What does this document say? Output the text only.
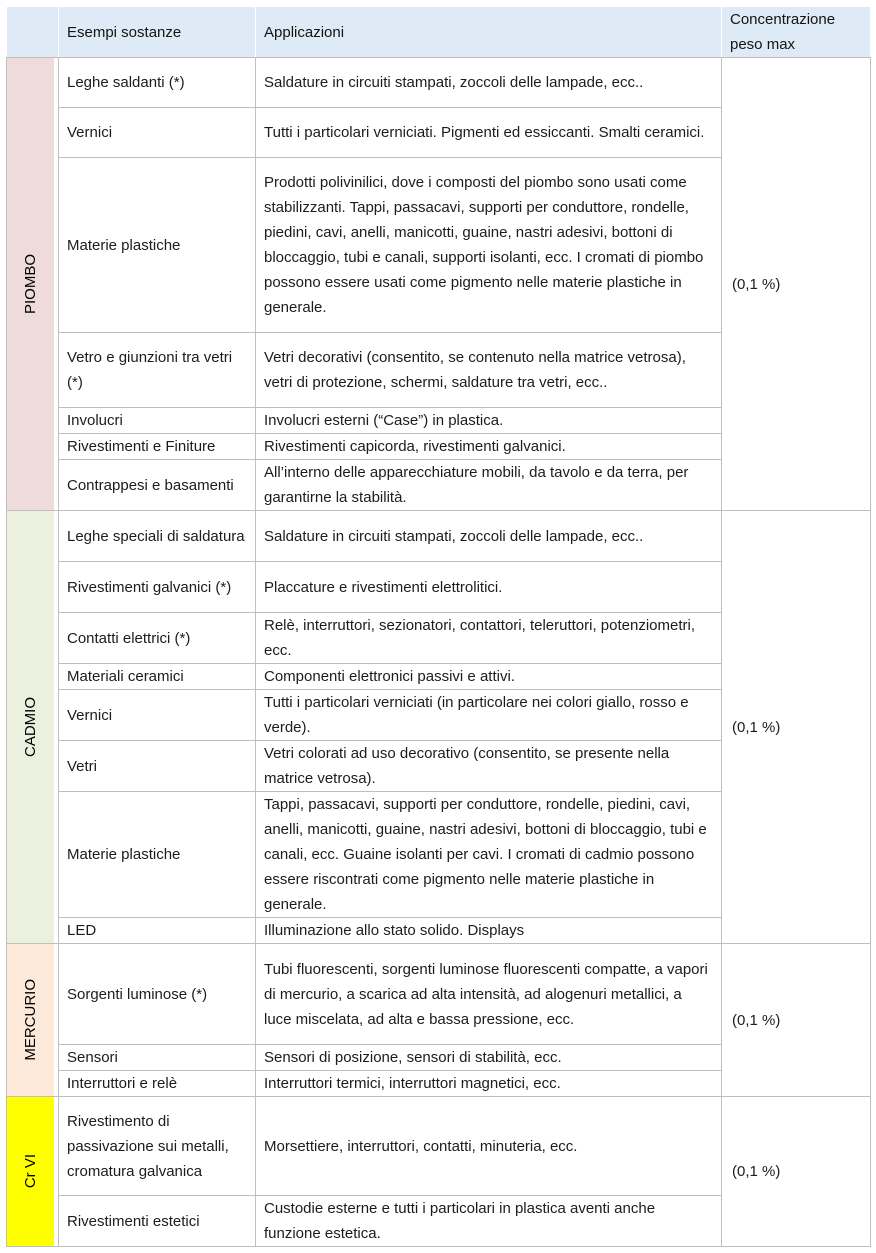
	Esempi sostanze	Applicazioni	Concentrazione peso max

PIOMBO	Leghe saldanti (*)	Saldature in circuiti stampati, zoccoli delle lampade, ecc..	(0,1 %)
	Vernici	Tutti i particolari verniciati. Pigmenti ed essiccanti. Smalti ceramici.	
	Materie plastiche	Prodotti polivinilici, dove i composti del piombo sono usati come stabilizzanti. Tappi, passacavi, supporti per conduttore, rondelle, piedini, cavi, anelli, manicotti, guaine, nastri adesivi, bottoni di bloccaggio, tubi e canali, supporti isolanti, ecc. I cromati di piombo possono essere usati come pigmento nelle materie plastiche in generale.	
	Vetro e giunzioni tra vetri (*)	Vetri decorativi (consentito, se contenuto nella matrice vetrosa), vetri di protezione, schermi, saldature tra vetri, ecc..	
	Involucri	Involucri esterni (“Case”) in plastica.	
	Rivestimenti e Finiture	Rivestimenti capicorda, rivestimenti galvanici.	
	Contrappesi e basamenti	All’interno delle apparecchiature mobili, da tavolo e da terra, per garantirne la stabilità.	

CADMIO	Leghe speciali di saldatura	Saldature in circuiti stampati, zoccoli delle lampade, ecc..	(0,1 %)
	Rivestimenti galvanici (*)	Placcature e rivestimenti elettrolitici.	
	Contatti elettrici (*)	Relè, interruttori, sezionatori, contattori, teleruttori, potenziometri, ecc.	
	Materiali ceramici	Componenti elettronici passivi e attivi.	
	Vernici	Tutti i particolari verniciati (in particolare nei colori giallo, rosso e verde).	
	Vetri	Vetri colorati ad uso decorativo (consentito, se presente nella matrice vetrosa).	
	Materie plastiche	Tappi, passacavi, supporti per conduttore, rondelle, piedini, cavi, anelli, manicotti, guaine, nastri adesivi, bottoni di bloccaggio, tubi e canali, ecc. Guaine isolanti per cavi. I cromati di cadmio possono essere riscontrati come pigmento nelle materie plastiche in generale.	
	LED	Illuminazione allo stato solido. Displays	

MERCURIO	Sorgenti luminose (*)	Tubi fluorescenti, sorgenti luminose fluorescenti compatte, a vapori di mercurio, a scarica ad alta intensità, ad alogenuri metallici, a luce miscelata, ad alta e bassa pressione, ecc.	(0,1 %)
	Sensori	Sensori di posizione, sensori di stabilità, ecc.	
	Interruttori e relè	Interruttori termici, interruttori magnetici, ecc.	

Cr VI	Rivestimento di passivazione sui metalli, cromatura galvanica	Morsettiere, interruttori, contatti, minuteria, ecc.	(0,1 %)
	Rivestimenti estetici	Custodie esterne e tutti i particolari in plastica aventi anche funzione estetica.	
